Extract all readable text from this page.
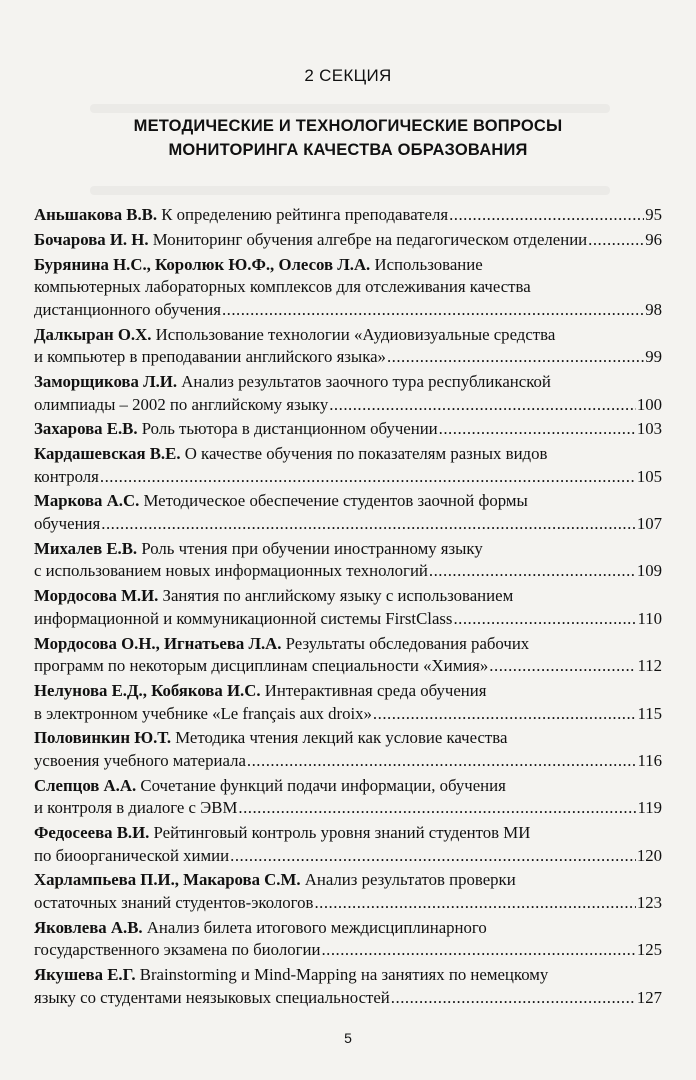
2 СЕКЦИЯ
МЕТОДИЧЕСКИЕ И ТЕХНОЛОГИЧЕСКИЕ ВОПРОСЫ
МОНИТОРИНГА КАЧЕСТВА ОБРАЗОВАНИЯ
Аньшакова В.В. К определению рейтинга преподавателя .....	95
Бочарова И. Н. Мониторинг обучения алгебре на педагогическом отделении .....	96
Бурянина Н.С., Королюк Ю.Ф., Олесов Л.А. Использование
компьютерных лабораторных комплексов для отслеживания качества
дистанционного обучения .....	98
Далкыран О.Х. Использование технологии «Аудиовизуальные средства
и компьютер в преподавании английского языка» .....	99
Заморщикова Л.И. Анализ результатов заочного тура республиканской
олимпиады – 2002 по английскому языку .....	100
Захарова Е.В. Роль тьютора в дистанционном обучении .....	103
Кардашевская В.Е. О качестве обучения по показателям разных видов
контроля .....	105
Маркова А.С. Методическое обеспечение студентов заочной формы
обучения .....	107
Михалев Е.В. Роль чтения при обучении иностранному языку
с использованием новых информационных технологий .....	109
Мордосова М.И. Занятия по английскому языку с использованием
информационной и коммуникационной системы FirstClass .....	110
Мордосова О.Н., Игнатьева Л.А. Результаты обследования рабочих
программ по некоторым дисциплинам специальности «Химия» .....	112
Нелунова Е.Д., Кобякова И.С. Интерактивная среда обучения
в электронном учебнике «Le français aux droix» .....	115
Половинкин Ю.Т. Методика чтения лекций как условие качества
усвоения учебного материала .....	116
Слепцов А.А. Сочетание функций подачи информации, обучения
и контроля в диалоге с ЭВМ .....	119
Федосеева В.И. Рейтинговый контроль уровня знаний студентов МИ
по биоорганической химии .....	120
Харлампьева П.И., Макарова С.М. Анализ результатов проверки
остаточных знаний студентов-экологов .....	123
Яковлева А.В. Анализ билета итогового междисциплинарного
государственного экзамена по биологии .....	125
Якушева Е.Г. Brainstorming и Mind-Mapping на занятиях по немецкому
языку со студентами неязыковых специальностей .....	127
5
